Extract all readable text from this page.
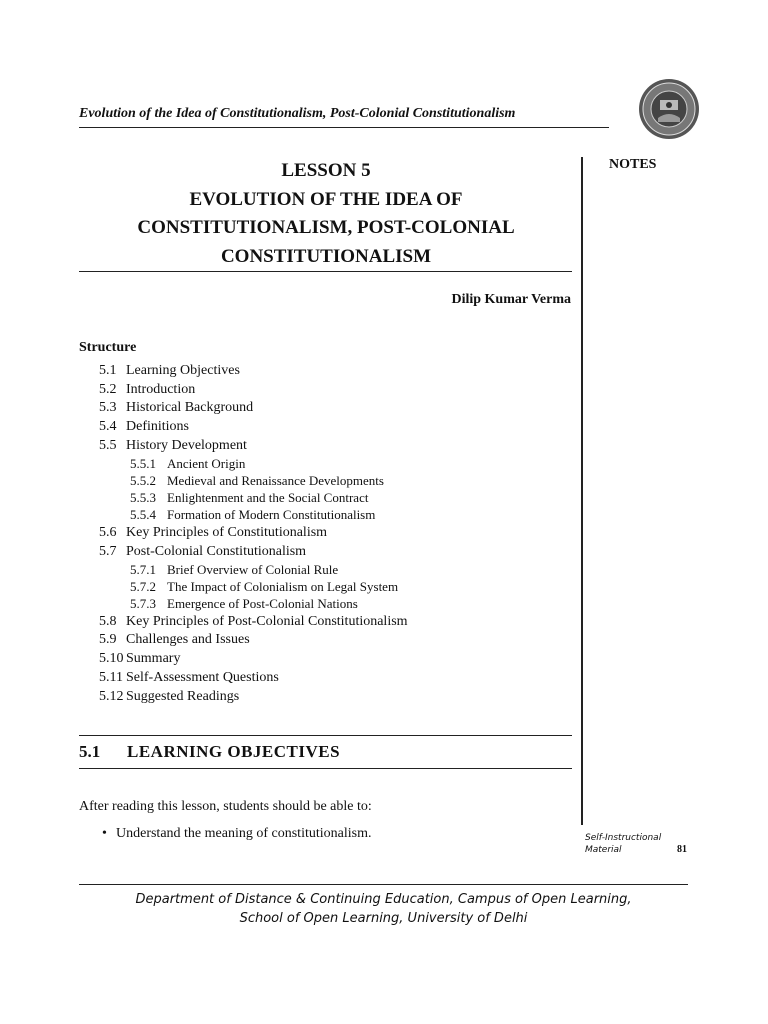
Evolution of the Idea of Constitutionalism, Post-Colonial Constitutionalism
NOTES
LESSON 5
EVOLUTION OF THE IDEA OF
CONSTITUTIONALISM, POST-COLONIAL
CONSTITUTIONALISM
Dilip Kumar Verma
Structure
5.1 Learning Objectives
5.2 Introduction
5.3 Historical Background
5.4 Definitions
5.5 History Development
5.5.1 Ancient Origin
5.5.2 Medieval and Renaissance Developments
5.5.3 Enlightenment and the Social Contract
5.5.4 Formation of Modern Constitutionalism
5.6 Key Principles of Constitutionalism
5.7 Post-Colonial Constitutionalism
5.7.1 Brief Overview of Colonial Rule
5.7.2 The Impact of Colonialism on Legal System
5.7.3 Emergence of Post-Colonial Nations
5.8 Key Principles of Post-Colonial Constitutionalism
5.9 Challenges and Issues
5.10 Summary
5.11 Self-Assessment Questions
5.12 Suggested Readings
5.1 LEARNING OBJECTIVES
After reading this lesson, students should be able to:
• Understand the meaning of constitutionalism.	Self-Instructional
Material	81
Department of Distance & Continuing Education, Campus of Open Learning,
School of Open Learning, University of Delhi
